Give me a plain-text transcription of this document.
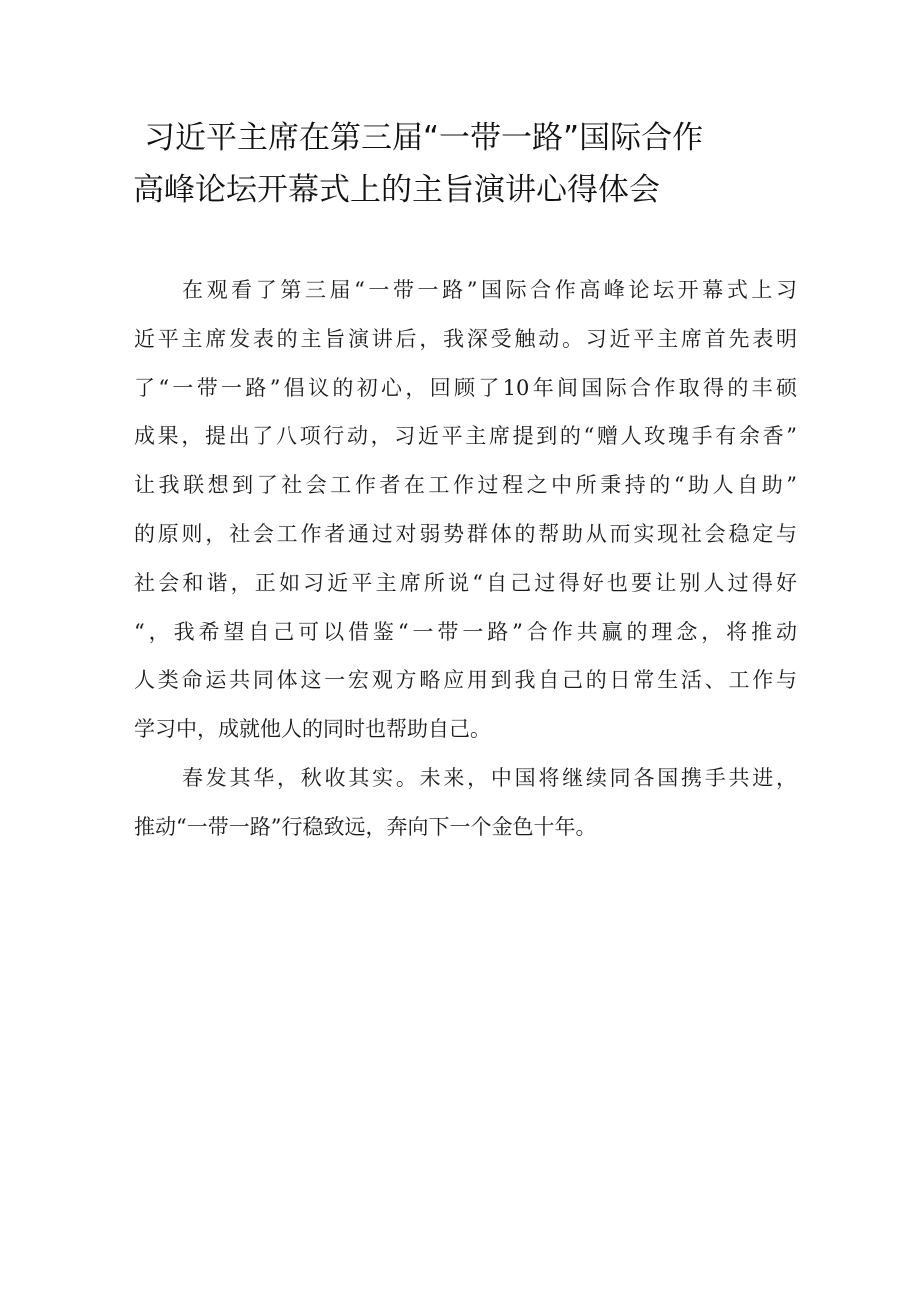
习近平主席在第三届“一带一路”国际合作
高峰论坛开幕式上的主旨演讲心得体会

在观看了第三届“一带一路”国际合作高峰论坛开幕式上习
近平主席发表的主旨演讲后，我深受触动。习近平主席首先表明
了“一带一路”倡议的初心，回顾了10年间国际合作取得的丰硕
成果，提出了八项行动，习近平主席提到的“赠人玫瑰手有余香”
让我联想到了社会工作者在工作过程之中所秉持的“助人自助”
的原则，社会工作者通过对弱势群体的帮助从而实现社会稳定与
社会和谐，正如习近平主席所说“自己过得好也要让别人过得好
“，我希望自己可以借鉴“一带一路”合作共赢的理念，将推动
人类命运共同体这一宏观方略应用到我自己的日常生活、工作与
学习中，成就他人的同时也帮助自己。

春发其华，秋收其实。未来，中国将继续同各国携手共进，
推动“一带一路”行稳致远，奔向下一个金色十年。
